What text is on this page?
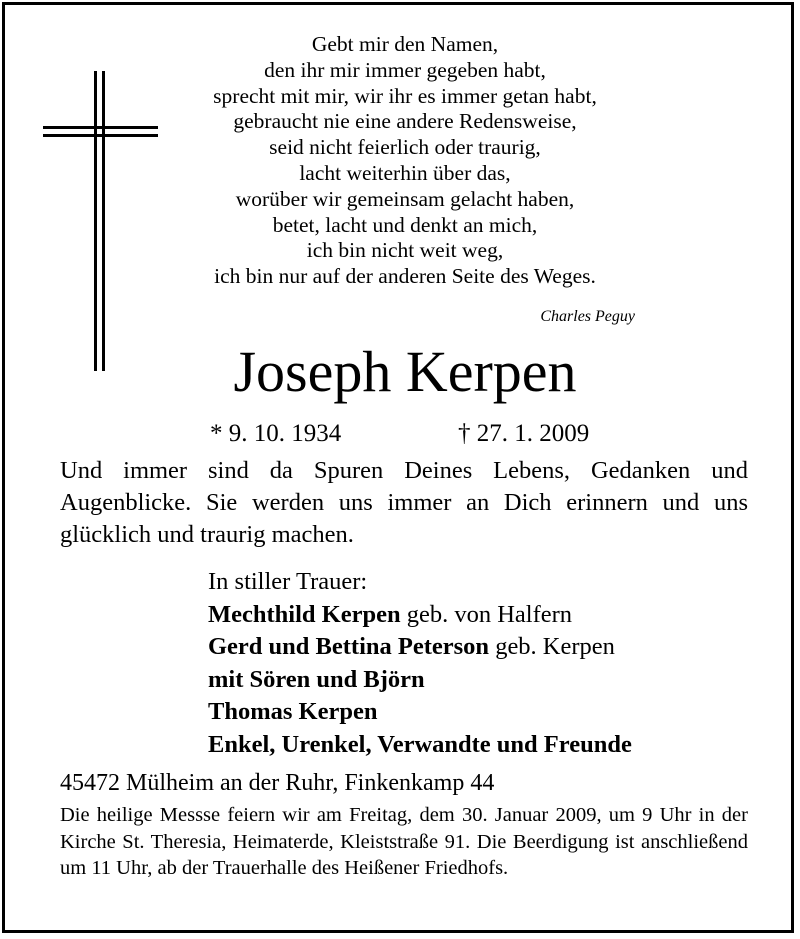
Gebt mir den Namen,
den ihr mir immer gegeben habt,
sprecht mit mir, wir ihr es immer getan habt,
gebraucht nie eine andere Redensweise,
seid nicht feierlich oder traurig,
lacht weiterhin über das,
worüber wir gemeinsam gelacht haben,
betet, lacht und denkt an mich,
ich bin nicht weit weg,
ich bin nur auf der anderen Seite des Weges.
Charles Peguy
Joseph Kerpen
* 9. 10. 1934	† 27. 1. 2009
Und immer sind da Spuren Deines Lebens, Gedanken und Augenblicke. Sie werden uns immer an Dich erinnern und uns glücklich und traurig machen.
In stiller Trauer:
Mechthild Kerpen geb. von Halfern
Gerd und Bettina Peterson geb. Kerpen
mit Sören und Björn
Thomas Kerpen
Enkel, Urenkel, Verwandte und Freunde
45472 Mülheim an der Ruhr, Finkenkamp 44
Die heilige Messse feiern wir am Freitag, dem 30. Januar 2009, um 9 Uhr in der Kirche St. Theresia, Heimaterde, Kleiststraße 91. Die Beerdigung ist anschließend um 11 Uhr, ab der Trauerhalle des Heißener Friedhofs.
